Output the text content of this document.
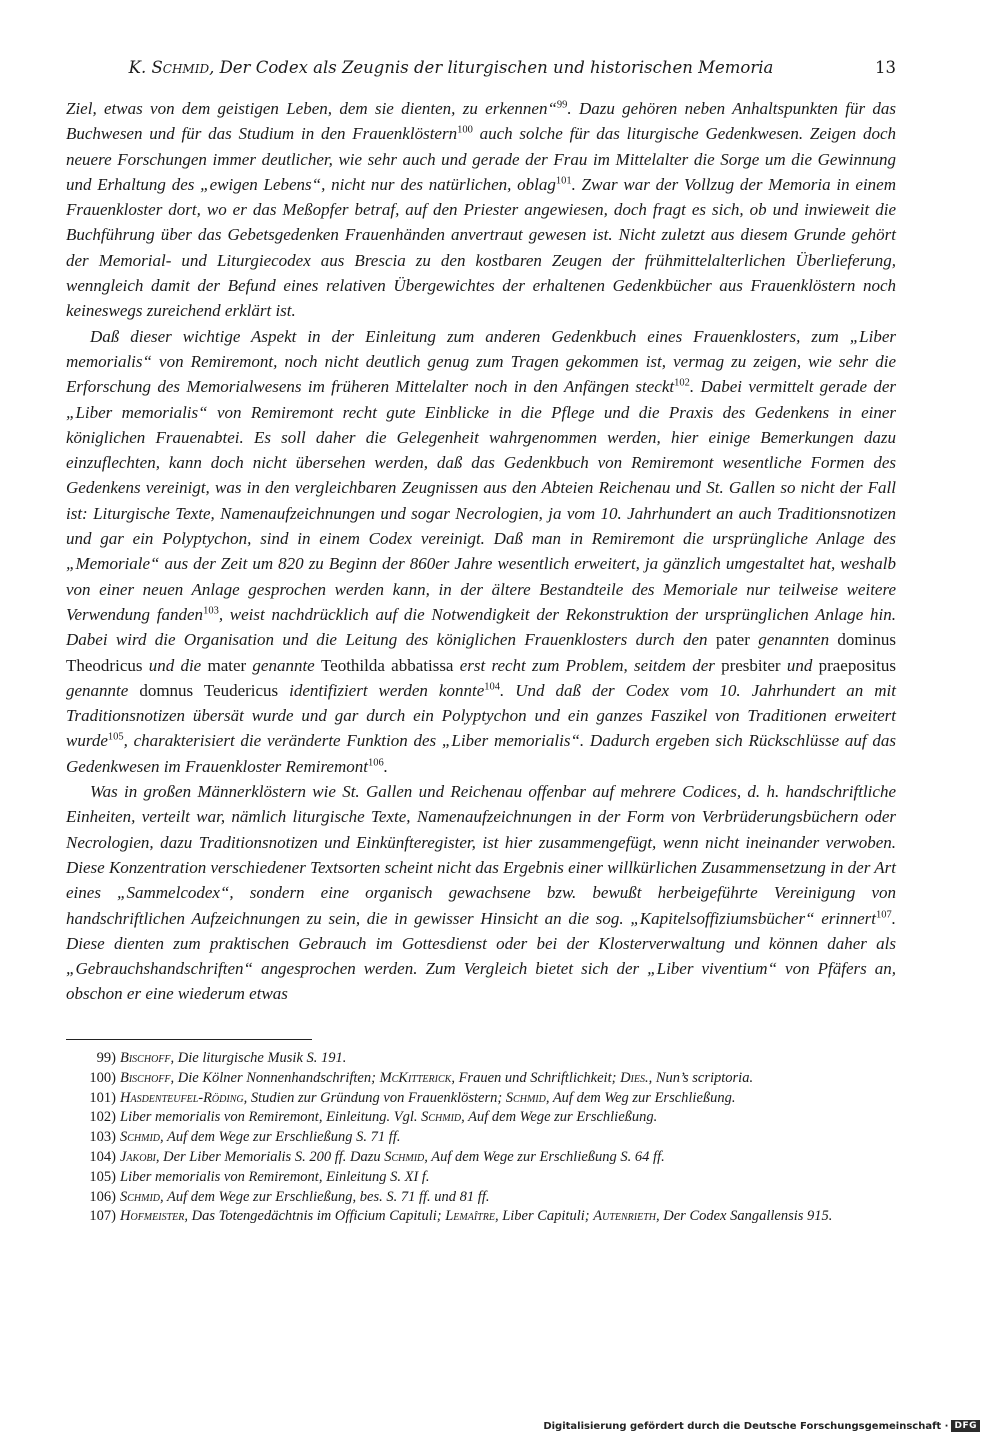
K. Schmid, Der Codex als Zeugnis der liturgischen und historischen Memoria	13

Ziel, etwas von dem geistigen Leben, dem sie dienten, zu erkennen“$^{99}$. Dazu gehören neben Anhaltspunkten für das Buchwesen und für das Studium in den Frauenklöstern$^{100}$ auch solche für das liturgische Gedenkwesen. Zeigen doch neuere Forschungen immer deutlicher, wie sehr auch und gerade der Frau im Mittelalter die Sorge um die Gewinnung und Erhaltung des „ewigen Lebens“, nicht nur des natürlichen, oblag$^{101}$. Zwar war der Vollzug der Memoria in einem Frauenkloster dort, wo er das Meßopfer betraf, auf den Priester angewiesen, doch fragt es sich, ob und inwieweit die Buchführung über das Gebetsgedenken Frauenhänden anvertraut gewesen ist. Nicht zuletzt aus diesem Grunde gehört der Memorial- und Liturgiecodex aus Brescia zu den kostbaren Zeugen der frühmittelalterlichen Überlieferung, wenngleich damit der Befund eines relativen Übergewichtes der erhaltenen Gedenkbücher aus Frauenklöstern noch keineswegs zureichend erklärt ist.

Daß dieser wichtige Aspekt in der Einleitung zum anderen Gedenkbuch eines Frauenklosters, zum „Liber memorialis“ von Remiremont, noch nicht deutlich genug zum Tragen gekommen ist, vermag zu zeigen, wie sehr die Erforschung des Memorialwesens im früheren Mittelalter noch in den Anfängen steckt$^{102}$. Dabei vermittelt gerade der „Liber memorialis“ von Remiremont recht gute Einblicke in die Pflege und die Praxis des Gedenkens in einer königlichen Frauenabtei. Es soll daher die Gelegenheit wahrgenommen werden, hier einige Bemerkungen dazu einzuflechten, kann doch nicht übersehen werden, daß das Gedenkbuch von Remiremont wesentliche Formen des Gedenkens vereinigt, was in den vergleichbaren Zeugnissen aus den Abteien Reichenau und St. Gallen so nicht der Fall ist: Liturgische Texte, Namenaufzeichnungen und sogar Necrologien, ja vom 10. Jahrhundert an auch Traditionsnotizen und gar ein Polyptychon, sind in einem Codex vereinigt. Daß man in Remiremont die ursprüngliche Anlage des „Memoriale“ aus der Zeit um 820 zu Beginn der 860er Jahre wesentlich erweitert, ja gänzlich umgestaltet hat, weshalb von einer neuen Anlage gesprochen werden kann, in der ältere Bestandteile des Memoriale nur teilweise weitere Verwendung fanden$^{103}$, weist nachdrücklich auf die Notwendigkeit der Rekonstruktion der ursprünglichen Anlage hin. Dabei wird die Organisation und die Leitung des königlichen Frauenklosters durch den pater genannten dominus Theodricus und die mater genannte Teothilda abbatissa erst recht zum Problem, seitdem der presbiter und praepositus genannte domnus Teudericus identifiziert werden konnte$^{104}$. Und daß der Codex vom 10. Jahrhundert an mit Traditionsnotizen übersät wurde und gar durch ein Polyptychon und ein ganzes Faszikel von Traditionen erweitert wurde$^{105}$, charakterisiert die veränderte Funktion des „Liber memorialis“. Dadurch ergeben sich Rückschlüsse auf das Gedenkwesen im Frauenkloster Remiremont$^{106}$.

Was in großen Männerklöstern wie St. Gallen und Reichenau offenbar auf mehrere Codices, d. h. handschriftliche Einheiten, verteilt war, nämlich liturgische Texte, Namenaufzeichnungen in der Form von Verbrüderungsbüchern oder Necrologien, dazu Traditionsnotizen und Einkünfteregister, ist hier zusammengefügt, wenn nicht ineinander verwoben. Diese Konzentration verschiedener Textsorten scheint nicht das Ergebnis einer willkürlichen Zusammensetzung in der Art eines „Sammelcodex“, sondern eine organisch gewachsene bzw. bewußt herbeigeführte Vereinigung von handschriftlichen Aufzeichnungen zu sein, die in gewisser Hinsicht an die sog. „Kapitelsoffiziumsbücher“ erinnert$^{107}$. Diese dienten zum praktischen Gebrauch im Gottesdienst oder bei der Klosterverwaltung und können daher als „Gebrauchshandschriften“ angesprochen werden. Zum Vergleich bietet sich der „Liber viventium“ von Pfäfers an, obschon er eine wiederum etwas

99) Bischoff, Die liturgische Musik S. 191.
100) Bischoff, Die Kölner Nonnenhandschriften; McKitterick, Frauen und Schriftlichkeit; Dies., Nun’s scriptoria.
101) Hasdenteufel-Röding, Studien zur Gründung von Frauenklöstern; Schmid, Auf dem Weg zur Erschließung.
102) Liber memorialis von Remiremont, Einleitung. Vgl. Schmid, Auf dem Wege zur Erschließung.
103) Schmid, Auf dem Wege zur Erschließung S. 71 ff.
104) Jakobi, Der Liber Memorialis S. 200 ff. Dazu Schmid, Auf dem Wege zur Erschließung S. 64 ff.
105) Liber memorialis von Remiremont, Einleitung S. XI f.
106) Schmid, Auf dem Wege zur Erschließung, bes. S. 71 ff. und 81 ff.
107) Hofmeister, Das Totengedächtnis im Officium Capituli; Lemaître, Liber Capituli; Autenrieth, Der Codex Sangallensis 915.
Digitalisierung gefördert durch die Deutsche Forschungsgemeinschaft · DFG
